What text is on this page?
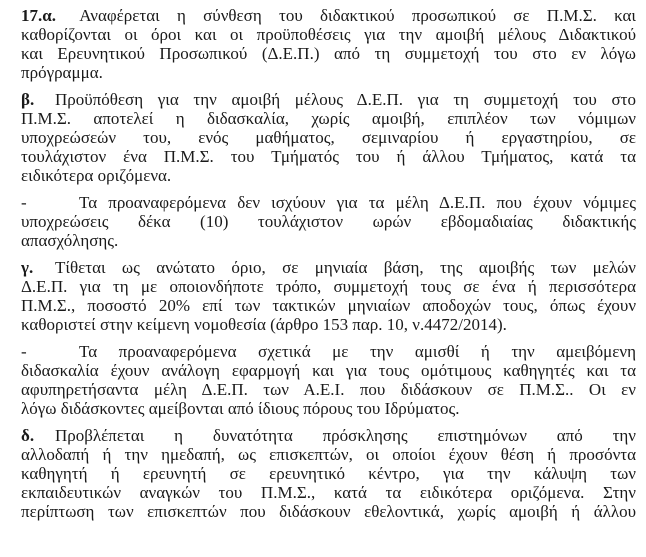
17.α. Αναφέρεται η σύνθεση του διδακτικού προσωπικού σε Π.Μ.Σ. και
καθορίζονται οι όροι και οι προϋποθέσεις για την αμοιβή μέλους Διδακτικού
και Ερευνητικού Προσωπικού (Δ.Ε.Π.) από τη συμμετοχή του στο εν λόγω
πρόγραμμα.
β. Προϋπόθεση για την αμοιβή μέλους Δ.Ε.Π. για τη συμμετοχή του στο
Π.Μ.Σ. αποτελεί η διδασκαλία, χωρίς αμοιβή, επιπλέον των νόμιμων
υποχρεώσεών του, ενός μαθήματος, σεμιναρίου ή εργαστηρίου, σε
τουλάχιστον ένα Π.Μ.Σ. του Τμήματός του ή άλλου Τμήματος, κατά τα
ειδικότερα οριζόμενα.
-	Τα προαναφερόμενα δεν ισχύουν για τα μέλη Δ.Ε.Π. που έχουν νόμιμες
υποχρεώσεις δέκα (10) τουλάχιστον ωρών εβδομαδιαίας διδακτικής
απασχόλησης.
γ. Τίθεται ως ανώτατο όριο, σε μηνιαία βάση, της αμοιβής των μελών
Δ.Ε.Π. για τη με οποιονδήποτε τρόπο, συμμετοχή τους σε ένα ή περισσότερα
Π.Μ.Σ., ποσοστό 20% επί των τακτικών μηνιαίων αποδοχών τους, όπως έχουν
καθοριστεί στην κείμενη νομοθεσία (άρθρο 153 παρ. 10, ν.4472/2014).
-	Τα προαναφερόμενα σχετικά με την αμισθί ή την αμειβόμενη
διδασκαλία έχουν ανάλογη εφαρμογή και για τους ομότιμους καθηγητές και τα
αφυπηρετήσαντα μέλη Δ.Ε.Π. των Α.Ε.Ι. που διδάσκουν σε Π.Μ.Σ.. Οι εν
λόγω διδάσκοντες αμείβονται από ίδιους πόρους του Ιδρύματος.
δ. Προβλέπεται η δυνατότητα πρόσκλησης επιστημόνων από την
αλλοδαπή ή την ημεδαπή, ως επισκεπτών, οι οποίοι έχουν θέση ή προσόντα
καθηγητή ή ερευνητή σε ερευνητικό κέντρο, για την κάλυψη των
εκπαιδευτικών αναγκών του Π.Μ.Σ., κατά τα ειδικότερα οριζόμενα. Στην
περίπτωση των επισκεπτών που διδάσκουν εθελοντικά, χωρίς αμοιβή ή άλλου
